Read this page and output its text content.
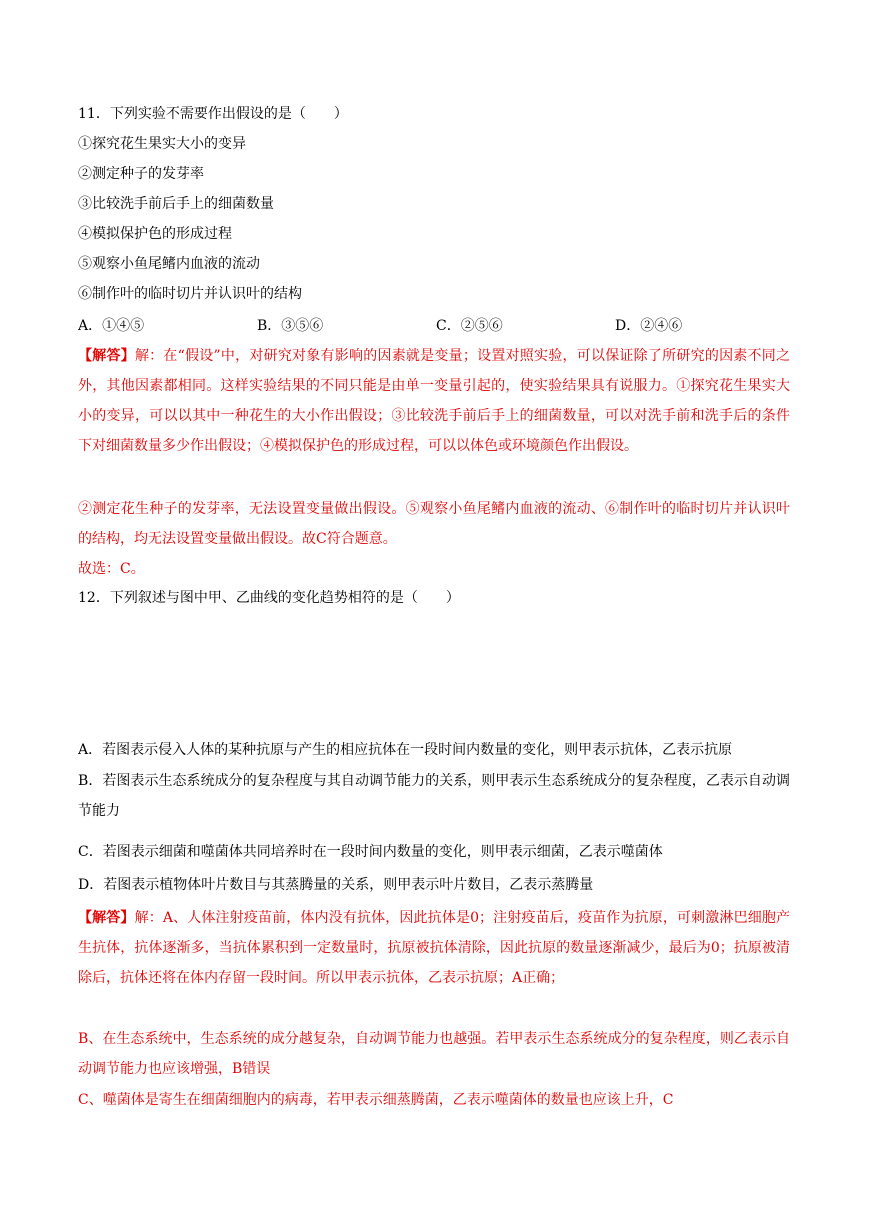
11．下列实验不需要作出假设的是（　　）
①探究花生果实大小的变异
②测定种子的发芽率
③比较洗手前后手上的细菌数量
④模拟保护色的形成过程
⑤观察小鱼尾鳍内血液的流动
⑥制作叶的临时切片并认识叶的结构
A．①④⑤	B．③⑤⑥	C．②⑤⑥	D．②④⑥
【解答】解：在“假设”中，对研究对象有影响的因素就是变量；设置对照实验，可以保证除了所研究的因素不同之外，其他因素都相同。这样实验结果的不同只能是由单一变量引起的，使实验结果具有说服力。①探究花生果实大小的变异，可以以其中一种花生的大小作出假设；③比较洗手前后手上的细菌数量，可以对洗手前和洗手后的条件下对细菌数量多少作出假设；④模拟保护色的形成过程，可以以体色或环境颜色作出假设。
②测定花生种子的发芽率，无法设置变量做出假设。⑤观察小鱼尾鳍内血液的流动、⑥制作叶的临时切片并认识叶的结构，均无法设置变量做出假设。故C符合题意。
故选：C。
12．下列叙述与图中甲、乙曲线的变化趋势相符的是（　　）
A．若图表示侵入人体的某种抗原与产生的相应抗体在一段时间内数量的变化，则甲表示抗体，乙表示抗原
B．若图表示生态系统成分的复杂程度与其自动调节能力的关系，则甲表示生态系统成分的复杂程度，乙表示自动调节能力
C．若图表示细菌和噬菌体共同培养时在一段时间内数量的变化，则甲表示细菌，乙表示噬菌体
D．若图表示植物体叶片数目与其蒸腾量的关系，则甲表示叶片数目，乙表示蒸腾量
【解答】解：A、人体注射疫苗前，体内没有抗体，因此抗体是0；注射疫苗后，疫苗作为抗原，可刺激淋巴细胞产生抗体，抗体逐渐多，当抗体累积到一定数量时，抗原被抗体清除，因此抗原的数量逐渐减少，最后为0；抗原被清除后，抗体还将在体内存留一段时间。所以甲表示抗体，乙表示抗原；A正确；
B、在生态系统中，生态系统的成分越复杂，自动调节能力也越强。若甲表示生态系统成分的复杂程度，则乙表示自动调节能力也应该增强，B错误
C、噬菌体是寄生在细菌细胞内的病毒，若甲表示细蒸腾菌，乙表示噬菌体的数量也应该上升，C
